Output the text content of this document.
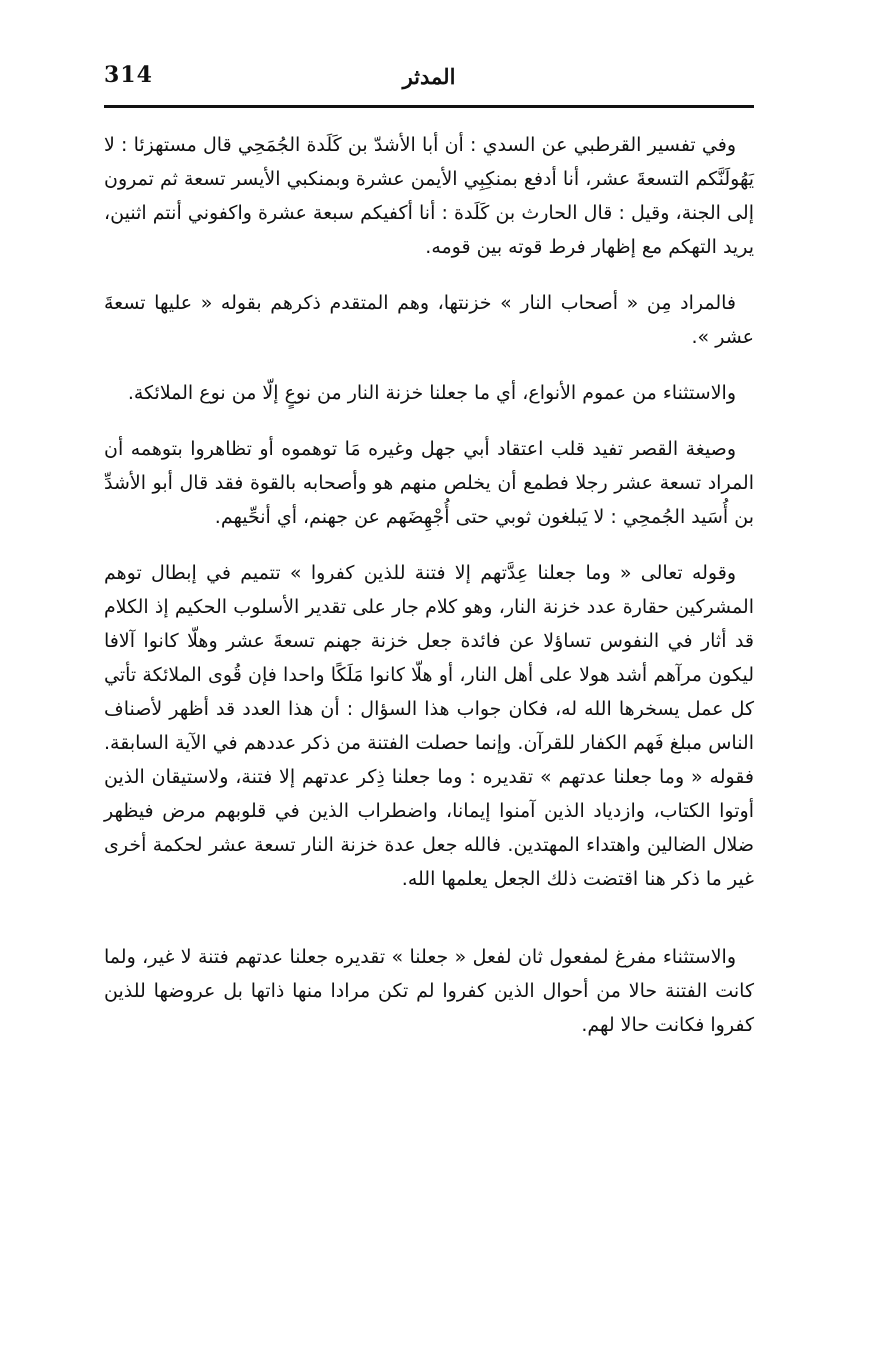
314	المدثر

وفي تفسير القرطبي عن السدي : أن أبا الأشدّ بن كَلَدة الجُمَحِي قال مستهزئا : لا يَهُولَنَّكم التسعةَ عشر، أنا أدفع بمنكِبِي الأيمن عشرة وبمنكبي الأيسر تسعة ثم تمرون إلى الجنة، وقيل : قال الحارث بن كَلَدة : أنا أكفيكم سبعة عشرة واكفوني أنتم اثنين، يريد التهكم مع إظهار فرط قوته بين قومه.

فالمراد مِن « أصحاب النار » خزنتها، وهم المتقدم ذكرهم بقوله « عليها تسعةَ عشر ».

والاستثناء من عموم الأنواع، أي ما جعلنا خزنة النار من نوعٍ إلّا من نوع الملائكة.

وصيغة القصر تفيد قلب اعتقاد أبي جهل وغيره مَا توهموه أو تظاهروا بتوهمه أن المراد تسعة عشر رجلا فطمع أن يخلص منهم هو وأصحابه بالقوة فقد قال أبو الأشدِّ بن أُسَيد الجُمحِي : لا يَبلغون ثوبي حتى أُجْهِضَهم عن جهنم، أي أنحِّيهم.

وقوله تعالى « وما جعلنا عِدَّتهم إلا فتنة للذين كفروا » تتميم في إبطال توهم المشركين حقارة عدد خزنة النار، وهو كلام جار على تقدير الأسلوب الحكيم إذ الكلام قد أثار في النفوس تساؤلا عن فائدة جعل خزنة جهنم تسعةَ عشر وهلّا كانوا آلافا ليكون مرآهم أشد هولا على أهل النار، أو هلّا كانوا مَلَكًا واحدا فإن قُوى الملائكة تأتي كل عمل يسخرها الله له، فكان جواب هذا السؤال : أن هذا العدد قد أظهر لأصناف الناس مبلغ فَهم الكفار للقرآن. وإنما حصلت الفتنة من ذكر عددهم في الآية السابقة. فقوله « وما جعلنا عدتهم » تقديره : وما جعلنا ذِكر عدتهم إلا فتنة، ولاستيقان الذين أوتوا الكتاب، وازدياد الذين آمنوا إيمانا، واضطراب الذين في قلوبهم مرض فيظهر ضلال الضالين واهتداء المهتدين. فالله جعل عدة خزنة النار تسعة عشر لحكمة أخرى غير ما ذكر هنا اقتضت ذلك الجعل يعلمها الله.

والاستثناء مفرغ لمفعول ثان لفعل « جعلنا » تقديره جعلنا عدتهم فتنة لا غير، ولما كانت الفتنة حالا من أحوال الذين كفروا لم تكن مرادا منها ذاتها بل عروضها للذين كفروا فكانت حالا لهم.
